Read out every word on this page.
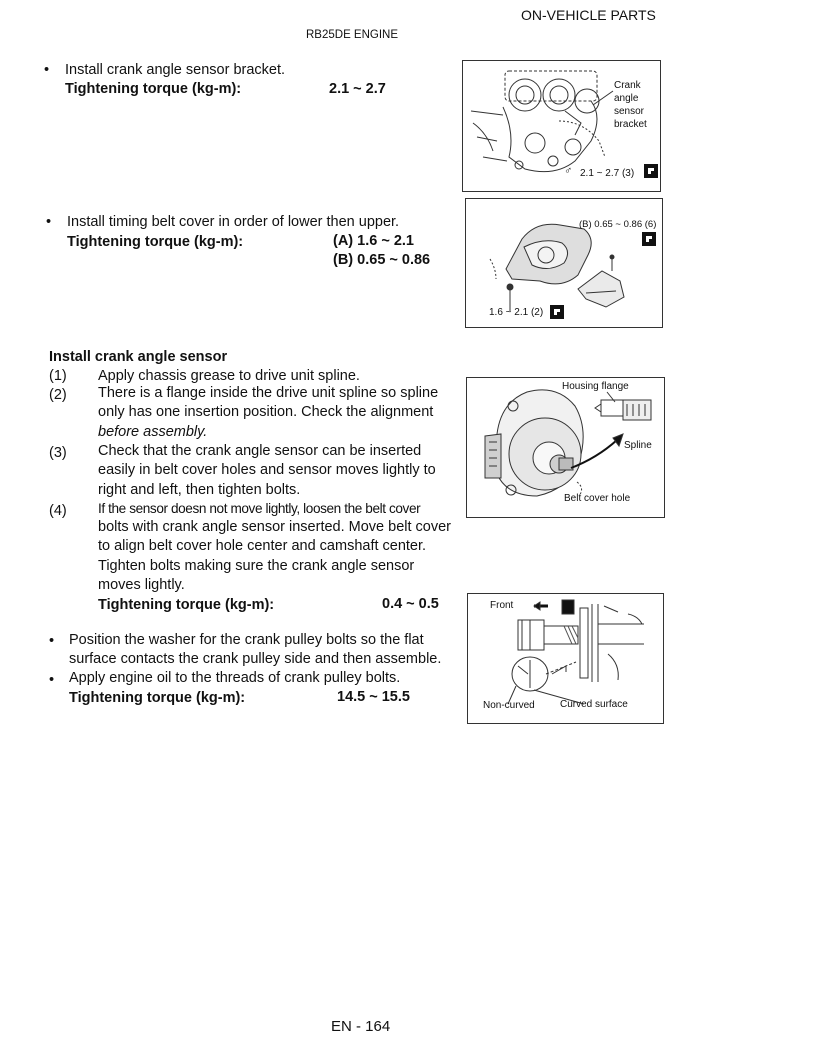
ON-VEHICLE PARTS
RB25DE ENGINE
• Install crank angle sensor bracket.
Tightening torque (kg-m):	2.1 ~ 2.7
• Install timing belt cover in order of lower then upper.
Tightening torque (kg-m):	(A) 1.6 ~ 2.1
(B) 0.65 ~ 0.86
Install crank angle sensor
(1) Apply chassis grease to drive unit spline.
(2) There is a flange inside the drive unit spline so spline
only has one insertion position. Check the alignment
before assembly.
(3) Check that the crank angle sensor can be inserted
easily in belt cover holes and sensor moves lightly to
right and left, then tighten bolts.
(4) If the sensor doesn not move lightly, loosen the belt cover
bolts with crank angle sensor inserted. Move belt cover
to align belt cover hole center and camshaft center.
Tighten bolts making sure the crank angle sensor
moves lightly.
Tightening torque (kg-m):	0.4 ~ 0.5
• Position the washer for the crank pulley bolts so the flat
surface contacts the crank pulley side and then assemble.
• Apply engine oil to the threads of crank pulley bolts.
Tightening torque (kg-m):	14.5 ~ 15.5
Crank
angle
sensor
bracket
♂ 2.1 ~ 2.7 (3)
(B) 0.65 ~ 0.86 (6)
1.6 ~ 2.1 (2)
Housing flange
Spline
Belt cover hole
Front
Non-curved	Curved surface
EN - 164
